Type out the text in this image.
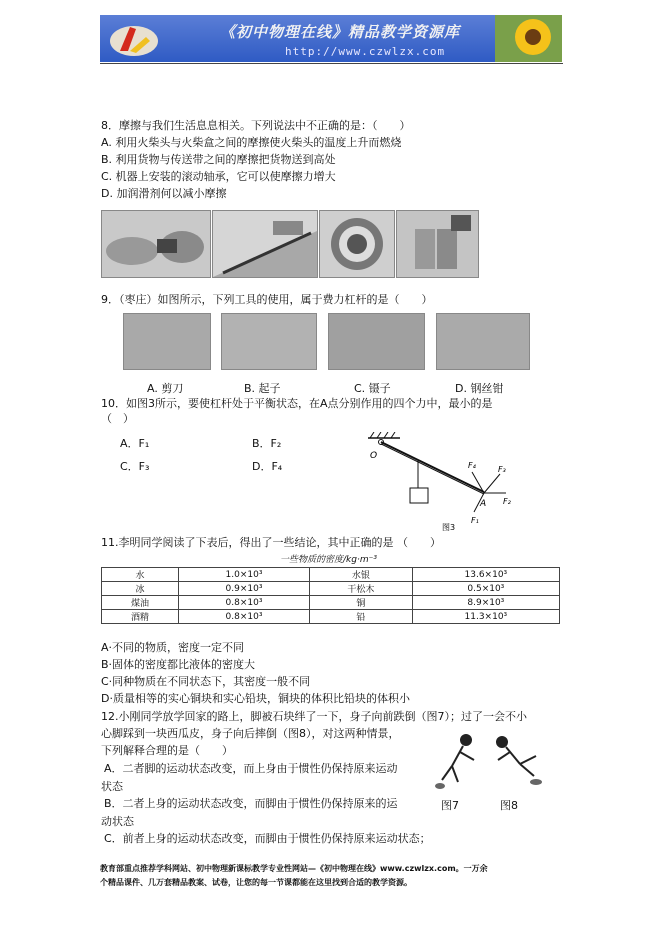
《初中物理在线》精品教学资源库
http://www.czwlzx.com
8．摩擦与我们生活息息相关。下列说法中不正确的是：（　　）
A. 利用火柴头与火柴盒之间的摩擦使火柴头的温度上升而燃烧
B. 利用货物与传送带之间的摩擦把货物送到高处
C. 机器上安装的滚动轴承，它可以使摩擦力增大
D. 加润滑剂何以减小摩擦
9．（枣庄）如图所示，下列工具的使用，属于费力杠杆的是（　　）
A. 剪刀	B. 起子	C. 镊子	D. 钢丝钳
10．如图3所示，要使杠杆处于平衡状态，在A点分别作用的四个力中，最小的是
（　）
A．F₁	B．F₂
C．F₃	D．F₄
O
A
F₄	F₃
F₂
F₁
图3
11.李明同学阅读了下表后，得出了一些结论，其中正确的是 （　　）
一些物质的密度/kg·m⁻³
水	1.0×10³	水银	13.6×10³
冰	0.9×10³	干松木	0.5×10³
煤油	0.8×10³	铜	8.9×10³
酒精	0.8×10³	铅	11.3×10³
A·不同的物质，密度一定不同
B·固体的密度都比液体的密度大
C·同种物质在不同状态下，其密度一般不同
D·质量相等的实心铜块和实心铅块，铜块的体积比铅块的体积小
12.小刚同学放学回家的路上，脚被石块绊了一下，身子向前跌倒（图7）；过了一会不小
心脚踩到一块西瓜皮，身子向后摔倒（图8），对这两种情景，
下列解释合理的是（　　）
A．二者脚的运动状态改变，而上身由于惯性仍保持原来运动
状态
B．二者上身的运动状态改变，而脚由于惯性仍保持原来的运
动状态
C．前者上身的运动状态改变，而脚由于惯性仍保持原来运动状态；
图7	图8
教育部重点推荐学科网站、初中物理新课标教学专业性网站—《初中物理在线》www.czwlzx.com。一万余
个精品课件、几万套精品教案、试卷，让您的每一节课都能在这里找到合适的教学资源。
